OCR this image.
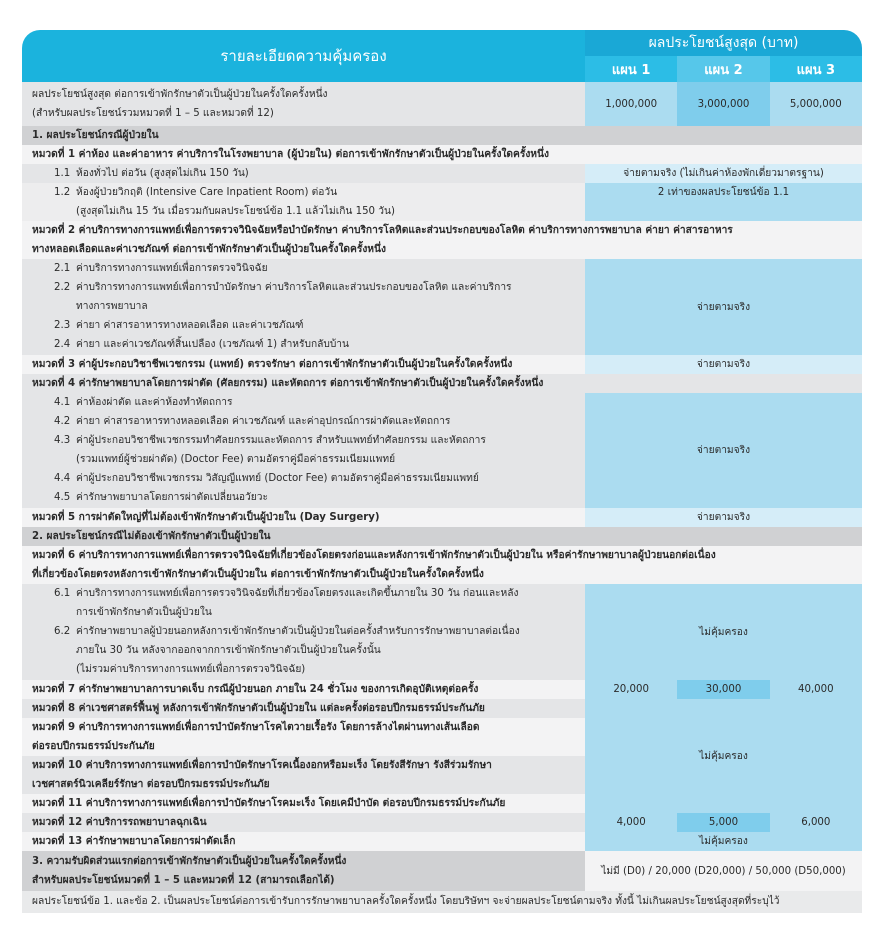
รายละเอียดความคุ้มครอง
ผลประโยชน์สูงสุด (บาท)
แผน 1	แผน 2	แผน 3
ผลประโยชน์สูงสุด ต่อการเข้าพักรักษาตัวเป็นผู้ป่วยในครั้งใดครั้งหนึ่ง
(สำหรับผลประโยชน์รวมหมวดที่ 1 – 5 และหมวดที่ 12)
1,000,000	3,000,000	5,000,000
1. ผลประโยชน์กรณีผู้ป่วยใน
หมวดที่ 1 ค่าห้อง และค่าอาหาร ค่าบริการในโรงพยาบาล (ผู้ป่วยใน) ต่อการเข้าพักรักษาตัวเป็นผู้ป่วยในครั้งใดครั้งหนึ่ง
1.1 ห้องทั่วไป ต่อวัน (สูงสุดไม่เกิน 150 วัน)	จ่ายตามจริง (ไม่เกินค่าห้องพักเดี่ยวมาตรฐาน)
1.2 ห้องผู้ป่วยวิกฤติ (Intensive Care Inpatient Room) ต่อวัน
(สูงสุดไม่เกิน 15 วัน เมื่อรวมกับผลประโยชน์ข้อ 1.1 แล้วไม่เกิน 150 วัน)
2 เท่าของผลประโยชน์ข้อ 1.1
หมวดที่ 2 ค่าบริการทางการแพทย์เพื่อการตรวจวินิจฉัยหรือบำบัดรักษา ค่าบริการโลหิตและส่วนประกอบของโลหิต ค่าบริการทางการพยาบาล ค่ายา ค่าสารอาหาร
ทางหลอดเลือดและค่าเวชภัณฑ์ ต่อการเข้าพักรักษาตัวเป็นผู้ป่วยในครั้งใดครั้งหนึ่ง
2.1 ค่าบริการทางการแพทย์เพื่อการตรวจวินิจฉัย
2.2 ค่าบริการทางการแพทย์เพื่อการบำบัดรักษา ค่าบริการโลหิตและส่วนประกอบของโลหิต และค่าบริการ
ทางการพยาบาล
2.3 ค่ายา ค่าสารอาหารทางหลอดเลือด และค่าเวชภัณฑ์
2.4 ค่ายา และค่าเวชภัณฑ์สิ้นเปลือง (เวชภัณฑ์ 1) สำหรับกลับบ้าน
จ่ายตามจริง
หมวดที่ 3 ค่าผู้ประกอบวิชาชีพเวชกรรม (แพทย์) ตรวจรักษา ต่อการเข้าพักรักษาตัวเป็นผู้ป่วยในครั้งใดครั้งหนึ่ง	จ่ายตามจริง
หมวดที่ 4 ค่ารักษาพยาบาลโดยการผ่าตัด (ศัลยกรรม) และหัตถการ ต่อการเข้าพักรักษาตัวเป็นผู้ป่วยในครั้งใดครั้งหนึ่ง
4.1 ค่าห้องผ่าตัด และค่าห้องทำหัตถการ
4.2 ค่ายา ค่าสารอาหารทางหลอดเลือด ค่าเวชภัณฑ์ และค่าอุปกรณ์การผ่าตัดและหัตถการ
4.3 ค่าผู้ประกอบวิชาชีพเวชกรรมทำศัลยกรรมและหัตถการ สำหรับแพทย์ทำศัลยกรรม และหัตถการ
(รวมแพทย์ผู้ช่วยผ่าตัด) (Doctor Fee) ตามอัตราคู่มือค่าธรรมเนียมแพทย์
4.4 ค่าผู้ประกอบวิชาชีพเวชกรรม วิสัญญีแพทย์ (Doctor Fee) ตามอัตราคู่มือค่าธรรมเนียมแพทย์
4.5 ค่ารักษาพยาบาลโดยการผ่าตัดเปลี่ยนอวัยวะ
จ่ายตามจริง
หมวดที่ 5 การผ่าตัดใหญ่ที่ไม่ต้องเข้าพักรักษาตัวเป็นผู้ป่วยใน (Day Surgery)	จ่ายตามจริง
2. ผลประโยชน์กรณีไม่ต้องเข้าพักรักษาตัวเป็นผู้ป่วยใน
หมวดที่ 6 ค่าบริการทางการแพทย์เพื่อการตรวจวินิจฉัยที่เกี่ยวข้องโดยตรงก่อนและหลังการเข้าพักรักษาตัวเป็นผู้ป่วยใน หรือค่ารักษาพยาบาลผู้ป่วยนอกต่อเนื่อง
ที่เกี่ยวข้องโดยตรงหลังการเข้าพักรักษาตัวเป็นผู้ป่วยใน ต่อการเข้าพักรักษาตัวเป็นผู้ป่วยในครั้งใดครั้งหนึ่ง
6.1 ค่าบริการทางการแพทย์เพื่อการตรวจวินิจฉัยที่เกี่ยวข้องโดยตรงและเกิดขึ้นภายใน 30 วัน ก่อนและหลัง
การเข้าพักรักษาตัวเป็นผู้ป่วยใน
6.2 ค่ารักษาพยาบาลผู้ป่วยนอกหลังการเข้าพักรักษาตัวเป็นผู้ป่วยในต่อครั้งสำหรับการรักษาพยาบาลต่อเนื่อง
ภายใน 30 วัน หลังจากออกจากการเข้าพักรักษาตัวเป็นผู้ป่วยในครั้งนั้น
(ไม่รวมค่าบริการทางการแพทย์เพื่อการตรวจวินิจฉัย)
ไม่คุ้มครอง
หมวดที่ 7 ค่ารักษาพยาบาลการบาดเจ็บ กรณีผู้ป่วยนอก ภายใน 24 ชั่วโมง ของการเกิดอุบัติเหตุต่อครั้ง	20,000	30,000	40,000
หมวดที่ 8 ค่าเวชศาสตร์ฟื้นฟู หลังการเข้าพักรักษาตัวเป็นผู้ป่วยใน แต่ละครั้งต่อรอบปีกรมธรรม์ประกันภัย
หมวดที่ 9 ค่าบริการทางการแพทย์เพื่อการบำบัดรักษาโรคไตวายเรื้อรัง โดยการล้างไตผ่านทางเส้นเลือด
ต่อรอบปีกรมธรรม์ประกันภัย
หมวดที่ 10 ค่าบริการทางการแพทย์เพื่อการบำบัดรักษาโรคเนื้องอกหรือมะเร็ง โดยรังสีรักษา รังสีร่วมรักษา
เวชศาสตร์นิวเคลียร์รักษา ต่อรอบปีกรมธรรม์ประกันภัย
หมวดที่ 11 ค่าบริการทางการแพทย์เพื่อการบำบัดรักษาโรคมะเร็ง โดยเคมีบำบัด ต่อรอบปีกรมธรรม์ประกันภัย
ไม่คุ้มครอง
หมวดที่ 12 ค่าบริการรถพยาบาลฉุกเฉิน	4,000	5,000	6,000
หมวดที่ 13 ค่ารักษาพยาบาลโดยการผ่าตัดเล็ก	ไม่คุ้มครอง
3. ความรับผิดส่วนแรกต่อการเข้าพักรักษาตัวเป็นผู้ป่วยในครั้งใดครั้งหนึ่ง
สำหรับผลประโยชน์หมวดที่ 1 – 5 และหมวดที่ 12 (สามารถเลือกได้)
ไม่มี (D0) / 20,000 (D20,000) / 50,000 (D50,000)
ผลประโยชน์ข้อ 1. และข้อ 2. เป็นผลประโยชน์ต่อการเข้ารับการรักษาพยาบาลครั้งใดครั้งหนึ่ง โดยบริษัทฯ จะจ่ายผลประโยชน์ตามจริง ทั้งนี้ ไม่เกินผลประโยชน์สูงสุดที่ระบุไว้
